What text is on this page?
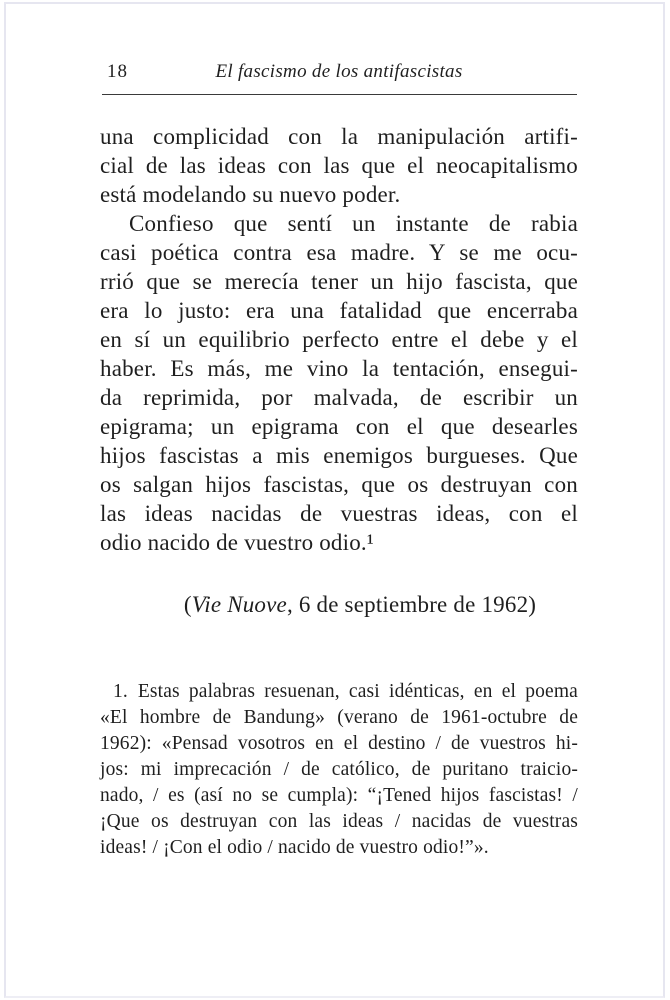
18	El fascismo de los antifascistas
una complicidad con la manipulación artifi-
cial de las ideas con las que el neocapitalismo
está modelando su nuevo poder.
Confieso que sentí un instante de rabia
casi poética contra esa madre. Y se me ocu-
rrió que se merecía tener un hijo fascista, que
era lo justo: era una fatalidad que encerraba
en sí un equilibrio perfecto entre el debe y el
haber. Es más, me vino la tentación, ensegui-
da reprimida, por malvada, de escribir un
epigrama; un epigrama con el que desearles
hijos fascistas a mis enemigos burgueses. Que
os salgan hijos fascistas, que os destruyan con
las ideas nacidas de vuestras ideas, con el
odio nacido de vuestro odio.¹
(Vie Nuove, 6 de septiembre de 1962)
1. Estas palabras resuenan, casi idénticas, en el poema
«El hombre de Bandung» (verano de 1961-octubre de
1962): «Pensad vosotros en el destino / de vuestros hi-
jos: mi imprecación / de católico, de puritano traicio-
nado, / es (así no se cumpla): “¡Tened hijos fascistas! /
¡Que os destruyan con las ideas / nacidas de vuestras
ideas! / ¡Con el odio / nacido de vuestro odio!”».
